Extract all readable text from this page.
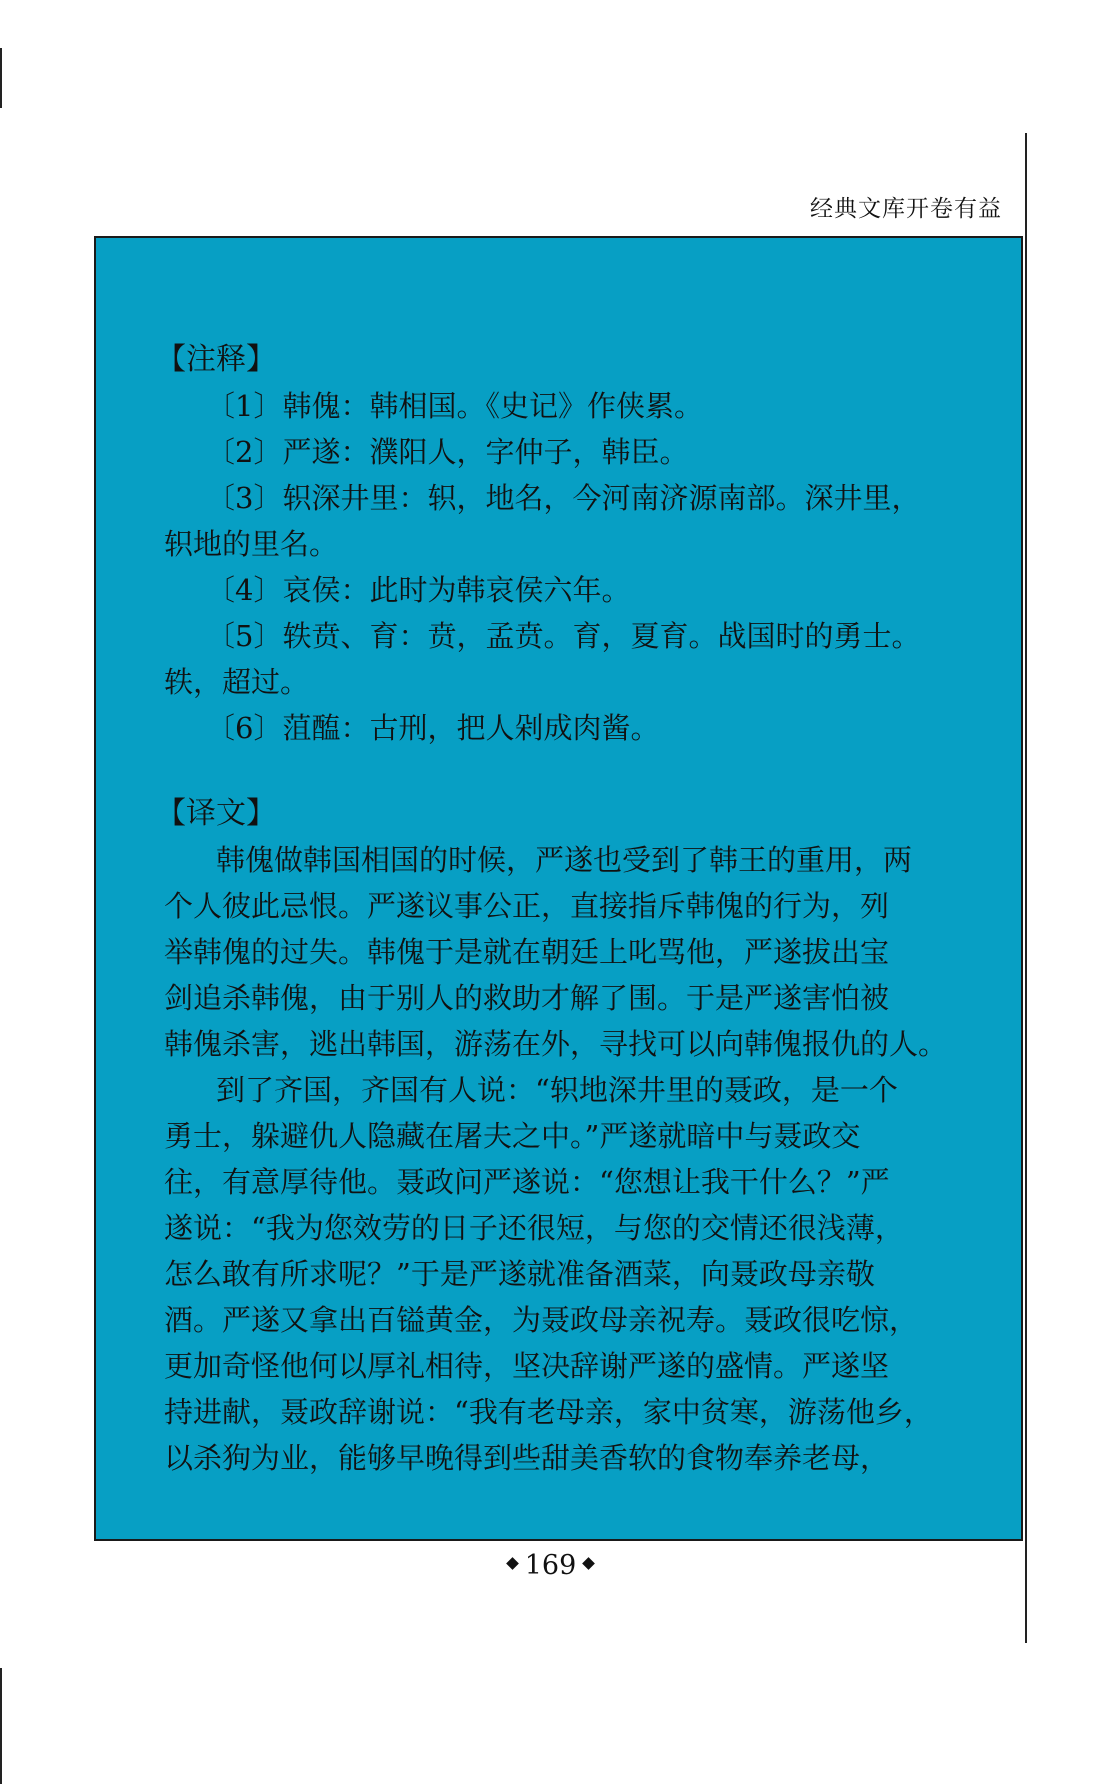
经典文库开卷有益
【注释】
〔1〕韩傀：韩相国。《史记》作侠累。
〔2〕严遂：濮阳人，字仲子，韩臣。
〔3〕轵深井里：轵，地名，今河南济源南部。深井里，
轵地的里名。
〔4〕哀侯：此时为韩哀侯六年。
〔5〕轶贲、育：贲，孟贲。育，夏育。战国时的勇士。
轶，超过。
〔6〕菹醢：古刑，把人剁成肉酱。
【译文】
韩傀做韩国相国的时候，严遂也受到了韩王的重用，两
个人彼此忌恨。严遂议事公正，直接指斥韩傀的行为，列
举韩傀的过失。韩傀于是就在朝廷上叱骂他，严遂拔出宝
剑追杀韩傀，由于别人的救助才解了围。于是严遂害怕被
韩傀杀害，逃出韩国，游荡在外，寻找可以向韩傀报仇的人。
到了齐国，齐国有人说：“轵地深井里的聂政，是一个
勇士，躲避仇人隐藏在屠夫之中。”严遂就暗中与聂政交
往，有意厚待他。聂政问严遂说：“您想让我干什么？”严
遂说：“我为您效劳的日子还很短，与您的交情还很浅薄，
怎么敢有所求呢？”于是严遂就准备酒菜，向聂政母亲敬
酒。严遂又拿出百镒黄金，为聂政母亲祝寿。聂政很吃惊，
更加奇怪他何以厚礼相待，坚决辞谢严遂的盛情。严遂坚
持进献，聂政辞谢说：“我有老母亲，家中贫寒，游荡他乡，
以杀狗为业，能够早晚得到些甜美香软的食物奉养老母，
169
